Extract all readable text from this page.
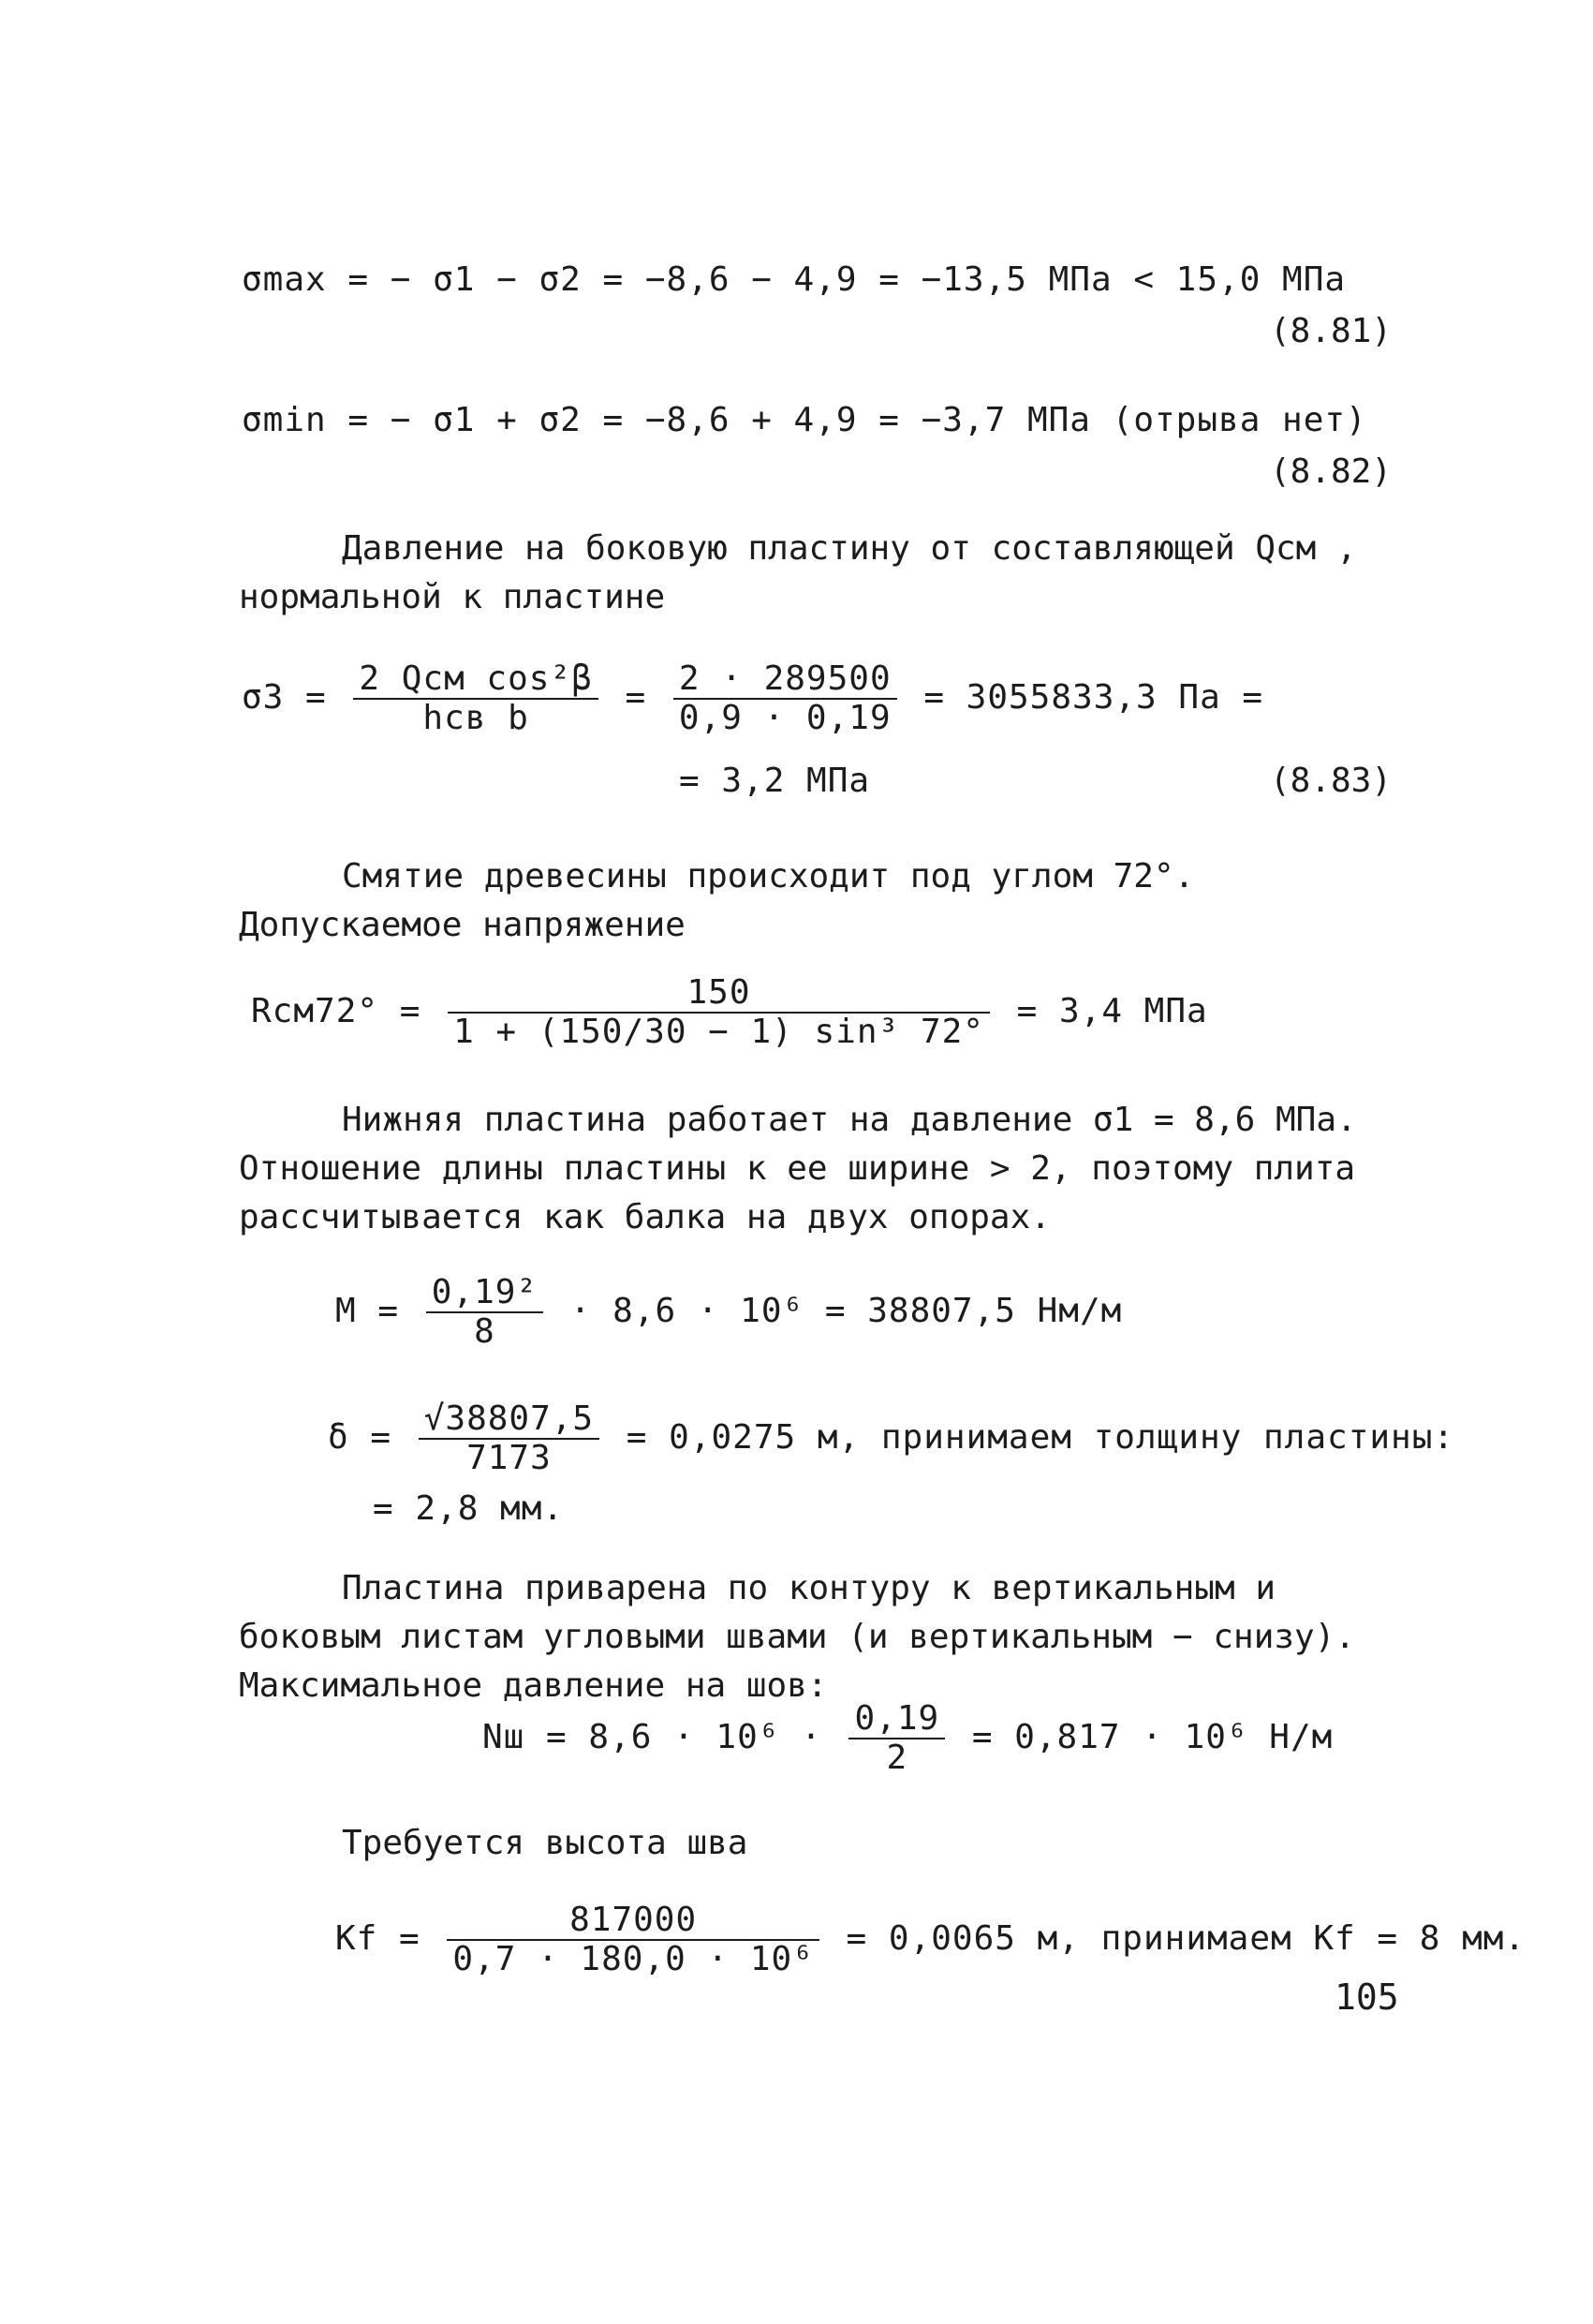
σmax = − σ1 − σ2 = −8,6 − 4,9 = −13,5 МПа < 15,0 МПа
(8.81)
σmin = − σ1 + σ2 = −8,6 + 4,9 = −3,7 МПа (отрыва нет)
(8.82)
Давление на боковую пластину от составляющей Qсм , нормальной к пластине
$\sigma 3 = \frac{\text{2 Qсм cos²β}}{\text{hсв b}} = \frac{2 \cdot 289500}{0,9 \cdot 0,19} = 3055833,3$ Па =
= 3,2 МПа	(8.83)
Смятие древесины происходит под углом 72°. Допускаемое напряжение
$Rсм72^\circ = \frac{150}{\text{1 + (150/30 − 1) sin³ 72°}} = 3,4$ МПа
Нижняя пластина работает на давление σ1 = 8,6 МПа. Отношение длины пластины к ее ширине > 2, поэтому плита рассчитывается как балка на двух опорах.
$M = \frac{\text{0,19²}}{8} \cdot 8,6 \cdot 10^6 = 38807,5$ Нм/м
$\delta = \frac{√38807,5}{7173} = 0,0275$ м, принимаем толщину пластины:
= 2,8 мм.
Пластина приварена по контуру к вертикальным и боковым листам угловыми швами (и вертикальным − снизу). Максимальное давление на шов:
Nш = $8,6 \cdot 10^6 \cdot \frac{0,19}{2} = 0,817 \cdot 10^6$ Н/м
Требуется высота шва
$Kf = \frac{817000}{\text{0,7 · 180,0 · 10⁶}} = 0,0065$ м, принимаем Kf = 8 мм.
105
